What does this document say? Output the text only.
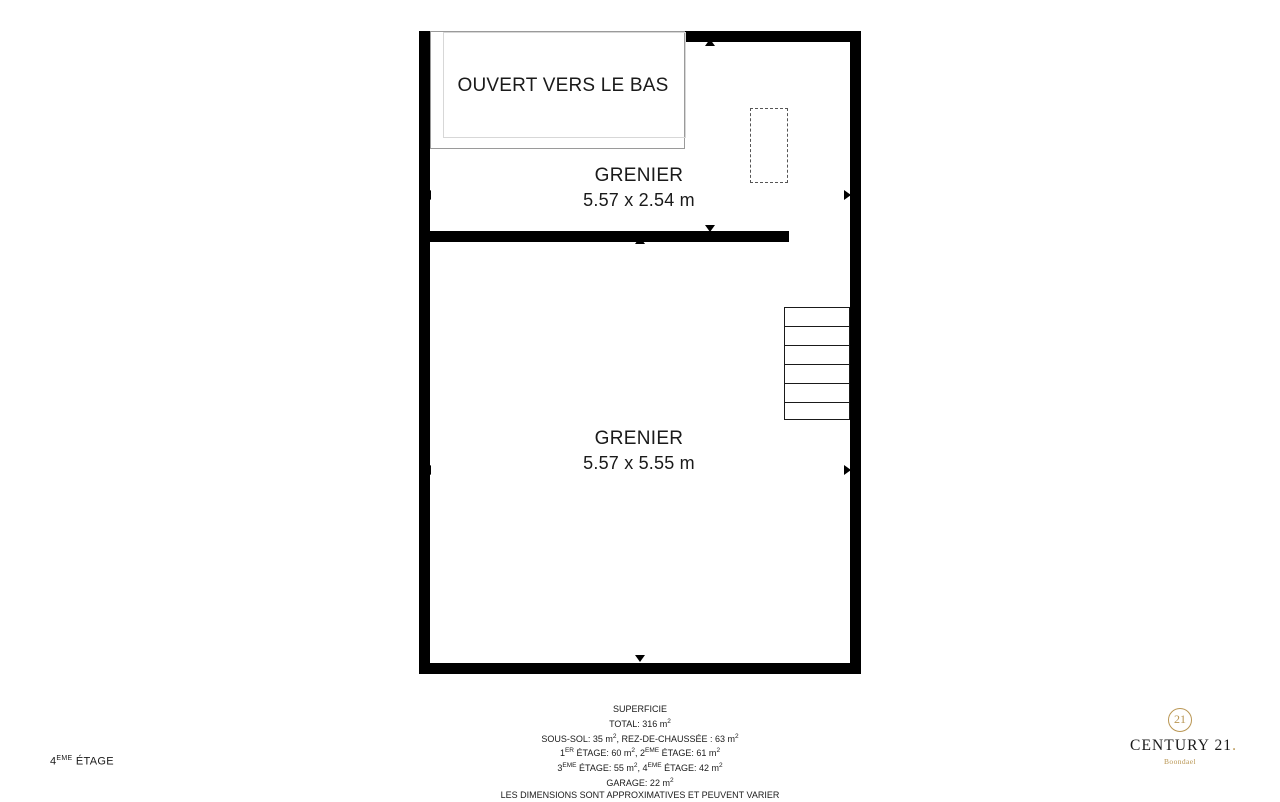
OUVERT VERS LE BAS
GRENIER
5.57 x 2.54 m
GRENIER
5.57 x 5.55 m
4EME ÉTAGE
SUPERFICIE
TOTAL: 316 $m^2$
SOUS-SOL: 35 $m^2$, REZ-DE-CHAUSSÉE : 63 $m^2$
1ER ÉTAGE: 60 $m^2$, 2EME ÉTAGE: 61 $m^2$
3EME ÉTAGE: 55 $m^2$, 4EME ÉTAGE: 42 $m^2$
GARAGE: 22 $m^2$
LES DIMENSIONS SONT APPROXIMATIVES ET PEUVENT VARIER
21
CENTURY 21.
Boondael
